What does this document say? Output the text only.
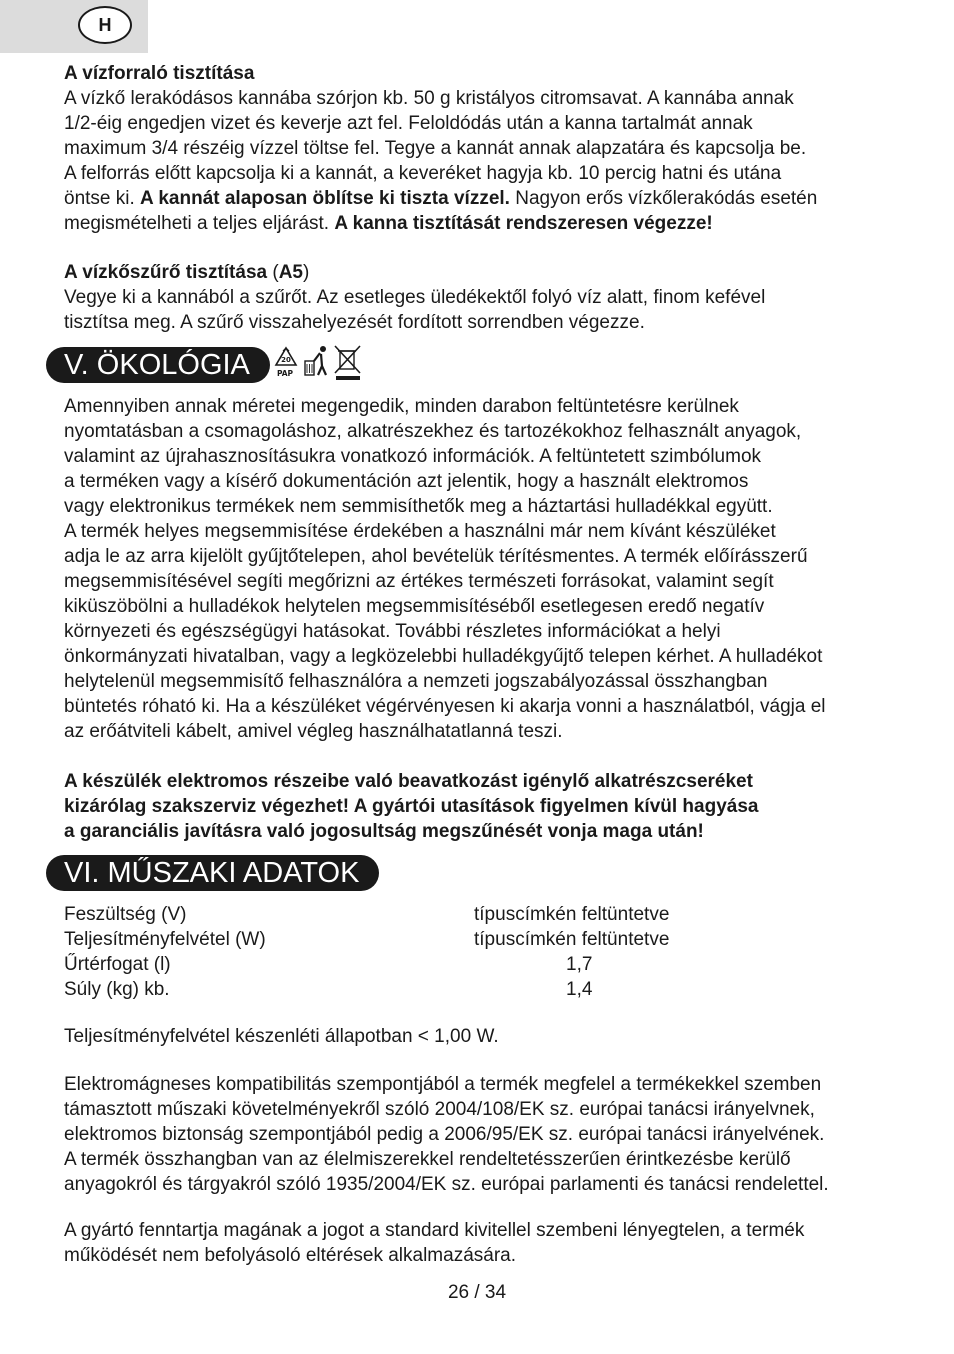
H
A vízforraló tisztítása
A vízkő lerakódásos kannába szórjon kb. 50 g kristályos citromsavat. A kannába annak
1/2-éig engedjen vizet és keverje azt fel. Feloldódás után a kanna tartalmát annak
maximum 3/4 részéig vízzel töltse fel. Tegye a kannát annak alapzatára és kapcsolja be.
A felforrás előtt kapcsolja ki a kannát, a keveréket hagyja kb. 10 percig hatni és utána
öntse ki. A kannát alaposan öblítse ki tiszta vízzel. Nagyon erős vízkőlerakódás esetén
megismételheti a teljes eljárást. A kanna tisztítását rendszeresen végezze!
A vízkőszűrő tisztítása (A5)
Vegye ki a kannából a szűrőt. Az esetleges üledékektől folyó víz alatt, finom kefével
tisztítsa meg. A szűrő visszahelyezését fordított sorrendben végezze.
V. ÖKOLÓGIA	20
PAP
Amennyiben annak méretei megengedik, minden darabon feltüntetésre kerülnek
nyomtatásban a csomagoláshoz, alkatrészekhez és tartozékokhoz felhasznált anyagok,
valamint az újrahasznosításukra vonatkozó információk. A feltüntetett szimbólumok
a terméken vagy a kísérő dokumentáción azt jelentik, hogy a használt elektromos
vagy elektronikus termékek nem semmisíthetők meg a háztartási hulladékkal együtt.
A termék helyes megsemmisítése érdekében a használni már nem kívánt készüléket
adja le az arra kijelölt gyűjtőtelepen, ahol bevételük térítésmentes. A termék előírásszerű
megsemmisítésével segíti megőrizni az értékes természeti forrásokat, valamint segít
kiküszöbölni a hulladékok helytelen megsemmisítéséből esetlegesen eredő negatív
környezeti és egészségügyi hatásokat. További részletes információkat a helyi
önkormányzati hivatalban, vagy a legközelebbi hulladékgyűjtő telepen kérhet. A hulladékot
helytelenül megsemmisítő felhasználóra a nemzeti jogszabályozással összhangban
büntetés róható ki. Ha a készüléket végérvényesen ki akarja vonni a használatból, vágja el
az erőátviteli kábelt, amivel végleg használhatatlanná teszi.
A készülék elektromos részeibe való beavatkozást igénylő alkatrészcseréket
kizárólag szakszerviz végezhet! A gyártói utasítások figyelmen kívül hagyása
a garanciális javításra való jogosultság megszűnését vonja maga után!
VI. MŰSZAKI ADATOK
Feszültség (V)	típuscímkén feltüntetve
Teljesítményfelvétel (W)	típuscímkén feltüntetve
Űrtérfogat (l)	1,7
Súly (kg) kb.	1,4
Teljesítményfelvétel készenléti állapotban < 1,00 W.
Elektromágneses kompatibilitás szempontjából a termék megfelel a termékekkel szemben
támasztott műszaki követelményekről szóló 2004/108/EK sz. európai tanácsi irányelvnek,
elektromos biztonság szempontjából pedig a 2006/95/EK sz. európai tanácsi irányelvének.
A termék összhangban van az élelmiszerekkel rendeltetésszerűen érintkezésbe kerülő
anyagokról és tárgyakról szóló 1935/2004/EK sz. európai parlamenti és tanácsi rendelettel.
A gyártó fenntartja magának a jogot a standard kivitellel szembeni lényegtelen, a termék
működését nem befolyásoló eltérések alkalmazására.
26 / 34
